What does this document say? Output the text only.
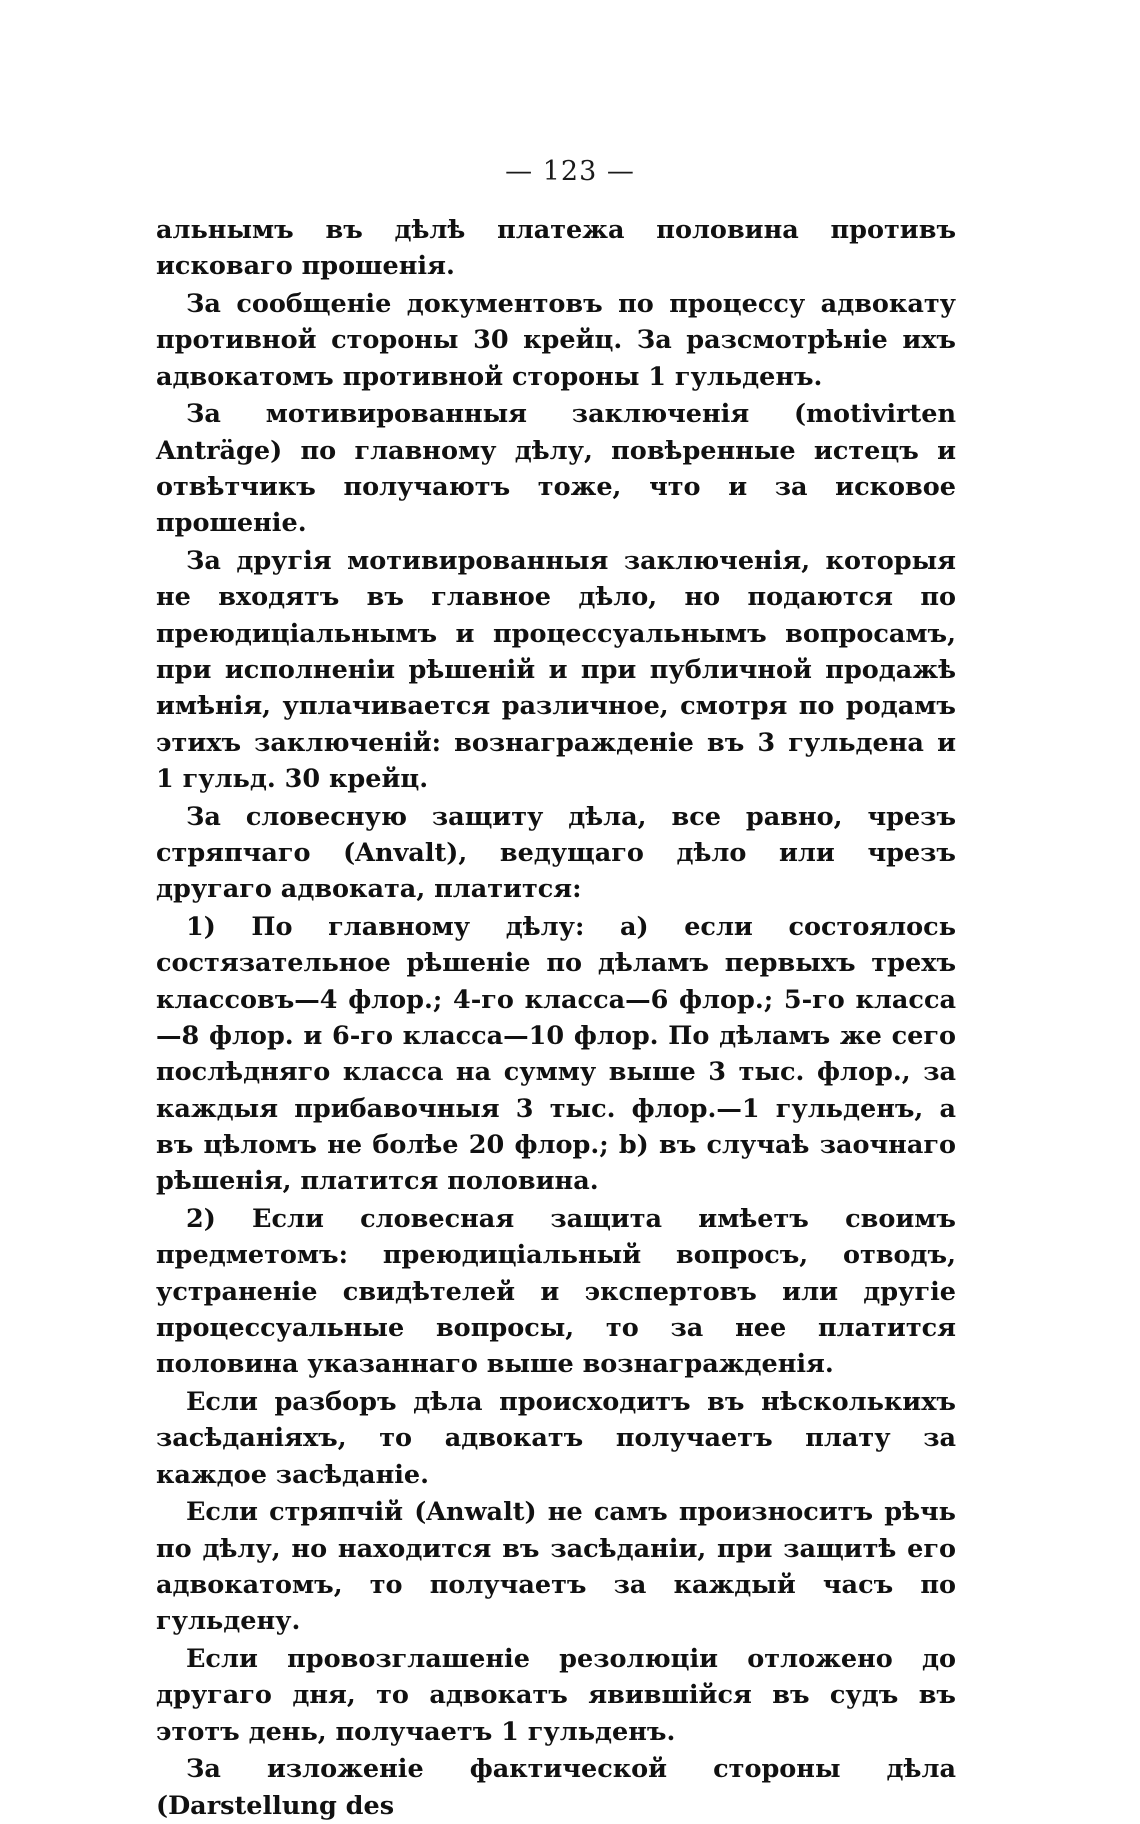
— 123 —

альнымъ въ дѣлѣ платежа половина противъ исковаго прошенія.

За сообщеніе документовъ по процессу адвокату противной стороны 30 крейц. За разсмотрѣніе ихъ адвокатомъ противной стороны 1 гульденъ.

За мотивированныя заключенія (motivirten Anträge) по главному дѣлу, повѣренные истецъ и отвѣтчикъ получаютъ тоже, что и за исковое прошеніе.

За другія мотивированныя заключенія, которыя не входятъ въ главное дѣло, но подаются по преюдиціальнымъ и процессуальнымъ вопросамъ, при исполненіи рѣшеній и при публичной продажѣ имѣнія, уплачивается различное, смотря по родамъ этихъ заключеній: вознагражденіе въ 3 гульдена и 1 гульд. 30 крейц.

За словесную защиту дѣла, все равно, чрезъ стряпчаго (Anvalt), ведущаго дѣло или чрезъ другаго адвоката, платится:

1) По главному дѣлу: а) если состоялось состязательное рѣшеніе по дѣламъ первыхъ трехъ классовъ—4 флор.; 4-го класса—6 флор.; 5-го класса—8 флор. и 6-го класса—10 флор. По дѣламъ же сего послѣдняго класса на сумму выше 3 тыс. флор., за каждыя прибавочныя 3 тыс. флор.—1 гульденъ, а въ цѣломъ не болѣе 20 флор.; b) въ случаѣ заочнаго рѣшенія, платится половина.

2) Если словесная защита имѣетъ своимъ предметомъ: преюдиціальный вопросъ, отводъ, устраненіе свидѣтелей и экспертовъ или другіе процессуальные вопросы, то за нее платится половина указаннаго выше вознагражденія.

Если разборъ дѣла происходитъ въ нѣсколькихъ засѣданіяхъ, то адвокатъ получаетъ плату за каждое засѣданіе.

Если стряпчій (Anwalt) не самъ произноситъ рѣчь по дѣлу, но находится въ засѣданіи, при защитѣ его адвокатомъ, то получаетъ за каждый часъ по гульдену.

Если провозглашеніе резолюціи отложено до другаго дня, то адвокатъ явившійся въ судъ въ этотъ день, получаетъ 1 гульденъ.

За изложеніе фактической стороны дѣла (Darstellung des
